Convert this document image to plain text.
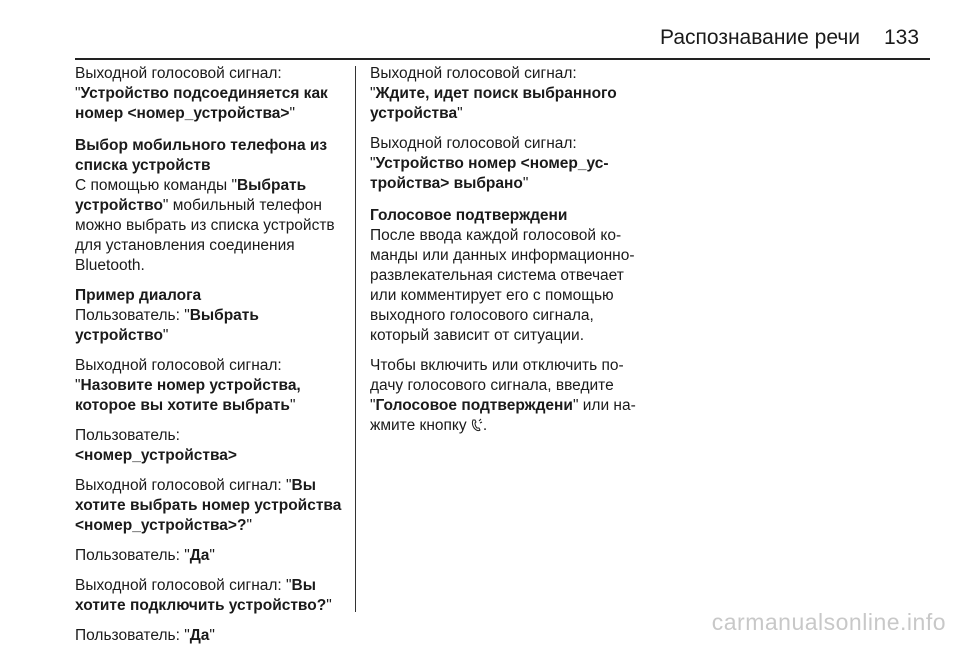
Распознавание речи 133

Выходной голосовой сигнал:
"Устройство подсоединяется как номер <номер_устройства>"

Выбор мобильного телефона из списка устройств
С помощью команды "Выбрать устройство" мобильный телефон можно выбрать из списка устройств для установления соединения Bluetooth.

Пример диалога
Пользователь: "Выбрать устройство"

Выходной голосовой сигнал:
"Назовите номер устройства, которое вы хотите выбрать"

Пользователь:
<номер_устройства>

Выходной голосовой сигнал: "Вы хотите выбрать номер устройства <номер_устройства>?"

Пользователь: "Да"

Выходной голосовой сигнал: "Вы хотите подключить устройство?"

Пользователь: "Да"

Выходной голосовой сигнал:
"Ждите, идет поиск выбранного устройства"

Выходной голосовой сигнал:
"Устройство номер <номер_устройства> выбрано"

Голосовое подтверждени
После ввода каждой голосовой команды или данных информационно-развлекательная система отвечает или комментирует его с помощью выходного голосового сигнала, который зависит от ситуации.

Чтобы включить или отключить подачу голосового сигнала, введите "Голосовое подтверждени" или нажмите кнопку .

carmanualsonline.info
